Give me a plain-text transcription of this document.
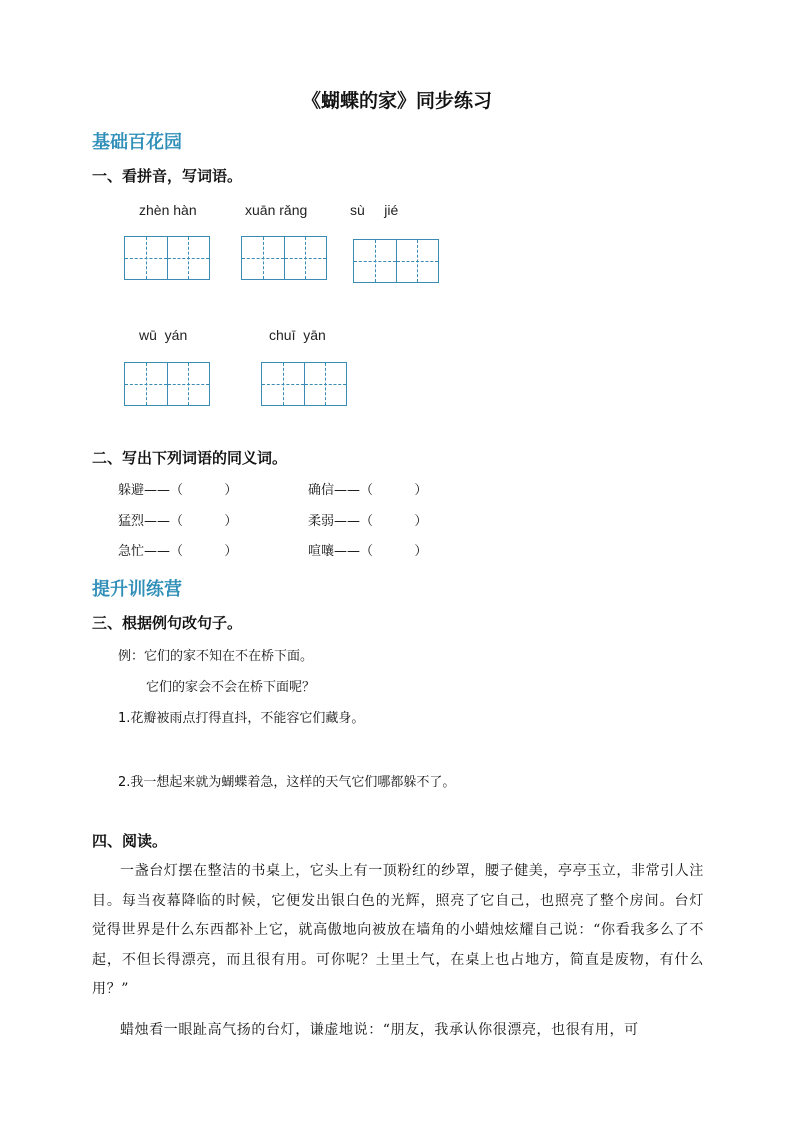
《蝴蝶的家》同步练习
基础百花园
一、看拼音，写词语。
zhèn hàn	xuān rǎng	sù     jié
wū  yán	chuī  yān
二、写出下列词语的同义词。
躲避——（          ）	确信——（          ）
猛烈——（          ）	柔弱——（          ）
急忙——（          ）	喧嚷——（          ）
提升训练营
三、根据例句改句子。
例：它们的家不知在不在桥下面。
它们的家会不会在桥下面呢？
1.花瓣被雨点打得直抖，不能容它们藏身。
2.我一想起来就为蝴蝶着急，这样的天气它们哪都躲不了。
四、阅读。
一盏台灯摆在整洁的书桌上，它头上有一顶粉红的纱罩，腰子健美，亭亭玉立，非常引人注目。每当夜幕降临的时候，它便发出银白色的光辉，照亮了它自己，也照亮了整个房间。台灯觉得世界是什么东西都补上它，就高傲地向被放在墙角的小蜡烛炫耀自己说：“你看我多么了不起，不但长得漂亮，而且很有用。可你呢？土里土气，在桌上也占地方，简直是废物，有什么用？”
蜡烛看一眼趾高气扬的台灯，谦虚地说：“朋友，我承认你很漂亮，也很有用，可
